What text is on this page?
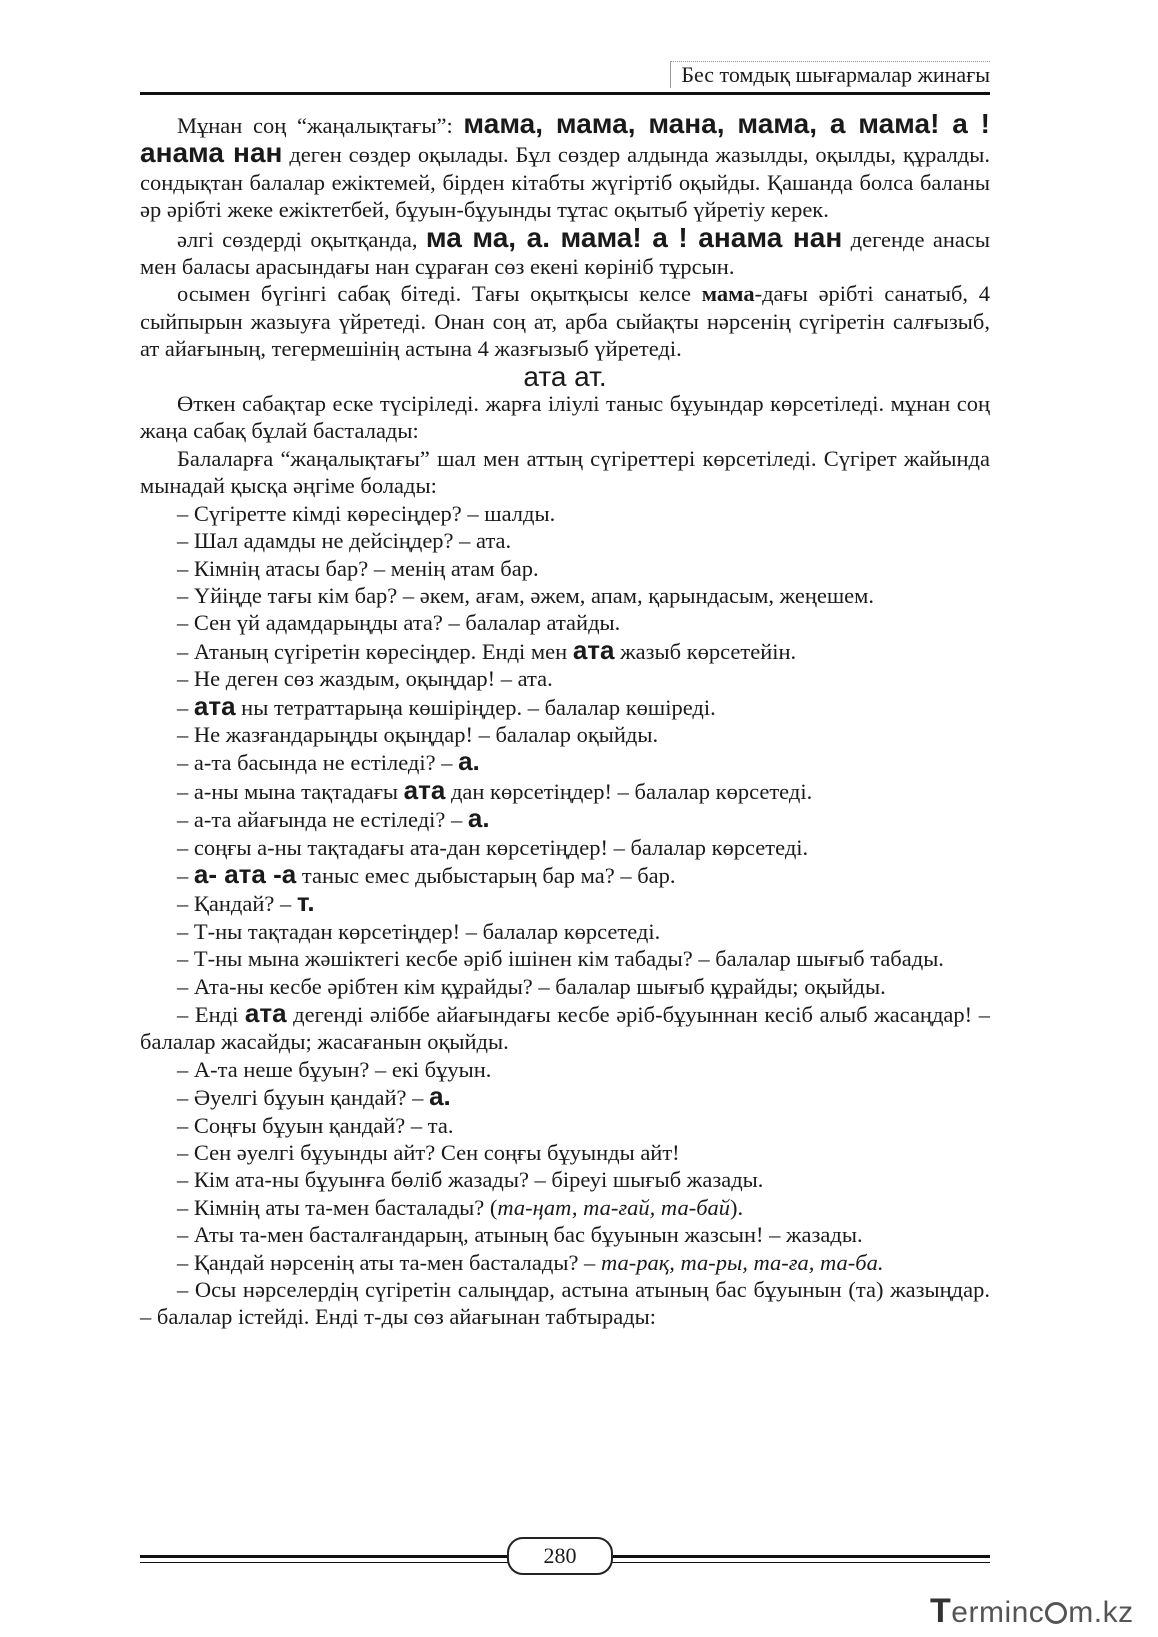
Бес томдық шығармалар жинағы

Мұнан соң “жаңалықтағы”: мама, мама, мана, мама, а мама! а ! анама нан деген сөздер оқылады. Бұл сөздер алдында жазылды, оқылды, құралды. сондықтан балалар ежіктемей, бірден кітабты жүгіртіб оқыйды. Қашанда болса баланы әр әрібті жеке ежіктетбей, бұуын-бұуынды тұтас оқытыб үйретіу керек.

әлгі сөздерді оқытқанда, ма ма, а. мама! а ! анама нан дегенде анасы мен баласы арасындағы нан сұраған сөз екені көрініб тұрсын.

осымен бүгінгі сабақ бітеді. Тағы оқытқысы келсе мама-дағы әрібті санатыб, 4 сыйпырын жазыуға үйретеді. Онан соң ат, арба сыйақты нәрсенің сүгіретін салғызыб, ат айағының, тегермешінің астына 4 жазғызыб үйретеді.

ата ат.

Өткен сабақтар еске түсіріледі. жарға іліулі таныс бұуындар көрсетіледі. мұнан соң жаңа сабақ бұлай басталады:

Балаларға “жаңалықтағы” шал мен аттың сүгіреттері көрсетіледі. Сүгірет жайында мынадай қысқа әңгіме болады:

– Сүгіретте кімді көресіңдер? – шалды.

– Шал адамды не дейсіңдер? – ата.

– Кімнің атасы бар? – менің атам бар.

– Үйіңде тағы кім бар? – әкем, ағам, әжем, апам, қарындасым, жеңешем.

– Сен үй адамдарыңды ата? – балалар атайды.

– Атаның сүгіретін көресіңдер. Енді мен ата жазыб көрсетейін.

– Не деген сөз жаздым, оқыңдар! – ата.

– ата ны тетраттарыңа көшіріңдер. – балалар көшіреді.

– Не жазғандарыңды оқыңдар! – балалар оқыйды.

– а-та басында не естіледі? – а.

– а-ны мына тақтадағы ата дан көрсетіңдер! – балалар көрсетеді.

– а-та айағында не естіледі? – а.

– соңғы а-ны тақтадағы ата-дан көрсетіңдер! – балалар көрсетеді.

– а- ата -а таныс емес дыбыстарың бар ма? – бар.

– Қандай? – т.

– Т-ны тақтадан көрсетіңдер! – балалар көрсетеді.

– Т-ны мына жәшіктегі кесбе әріб ішінен кім табады? – балалар шығыб табады.

– Ата-ны кесбе әрібтен кім құрайды? – балалар шығыб құрайды; оқыйды.

– Енді ата дегенді әліббе айағындағы кесбе әріб-бұуыннан кесіб алыб жасаңдар! – балалар жасайды; жасағанын оқыйды.

– А-та неше бұуын? – екі бұуын.

– Әуелгі бұуын қандай? – а.

– Соңғы бұуын қандай? – та.

– Сен әуелгі бұуынды айт? Сен соңғы бұуынды айт!

– Кім ата-ны бұуынға бөліб жазады? – біреуі шығыб жазады.

– Кімнің аты та-мен басталады? (та-ңат, та-ғай, та-бай).

– Аты та-мен басталғандарың, атының бас бұуынын жазсын! – жазады.

– Қандай нәрсенің аты та-мен басталады? – та-рақ, та-ры, та-ға, та-ба.

– Осы нәрселердің сүгіретін салыңдар, астына атының бас бұуынын (та) жазыңдар. – балалар істейді. Енді т-ды сөз айағынан табтырады:

280
Terminc m.kz
